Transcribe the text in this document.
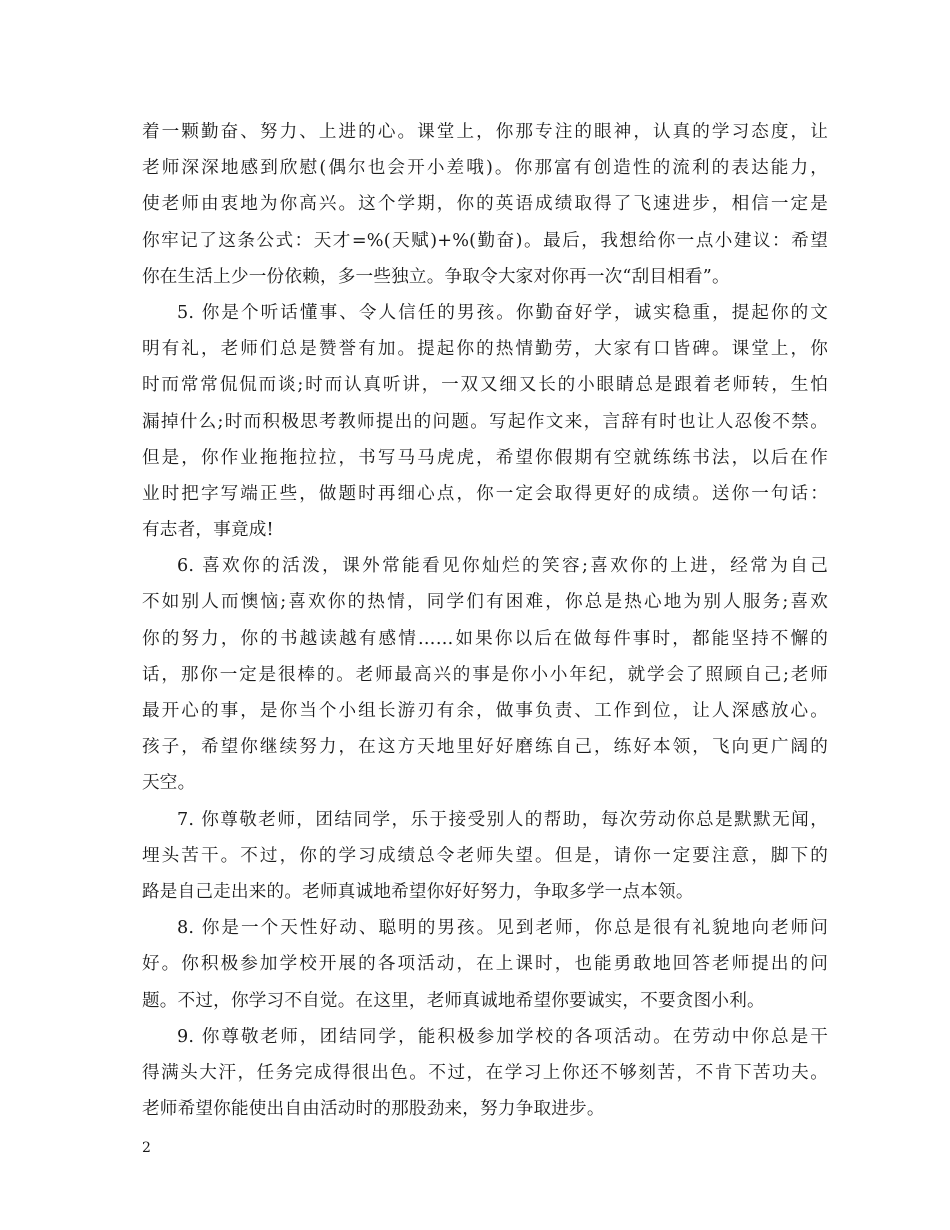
着一颗勤奋、努力、上进的心。课堂上，你那专注的眼神，认真的学习态度，让
老师深深地感到欣慰(偶尔也会开小差哦)。你那富有创造性的流利的表达能力，
使老师由衷地为你高兴。这个学期，你的英语成绩取得了飞速进步，相信一定是
你牢记了这条公式：天才=%(天赋)+%(勤奋)。最后，我想给你一点小建议：希望
你在生活上少一份依赖，多一些独立。争取令大家对你再一次“刮目相看”。
5. 你是个听话懂事、令人信任的男孩。你勤奋好学，诚实稳重，提起你的文
明有礼，老师们总是赞誉有加。提起你的热情勤劳，大家有口皆碑。课堂上，你
时而常常侃侃而谈;时而认真听讲，一双又细又长的小眼睛总是跟着老师转，生怕
漏掉什么;时而积极思考教师提出的问题。写起作文来，言辞有时也让人忍俊不禁。
但是，你作业拖拖拉拉，书写马马虎虎，希望你假期有空就练练书法，以后在作
业时把字写端正些，做题时再细心点，你一定会取得更好的成绩。送你一句话：
有志者，事竟成!
6. 喜欢你的活泼，课外常能看见你灿烂的笑容;喜欢你的上进，经常为自己
不如别人而懊恼;喜欢你的热情，同学们有困难，你总是热心地为别人服务;喜欢
你的努力，你的书越读越有感情……如果你以后在做每件事时，都能坚持不懈的
话，那你一定是很棒的。老师最高兴的事是你小小年纪，就学会了照顾自己;老师
最开心的事，是你当个小组长游刃有余，做事负责、工作到位，让人深感放心。
孩子，希望你继续努力，在这方天地里好好磨练自己，练好本领，飞向更广阔的
天空。
7. 你尊敬老师，团结同学，乐于接受别人的帮助，每次劳动你总是默默无闻，
埋头苦干。不过，你的学习成绩总令老师失望。但是，请你一定要注意，脚下的
路是自己走出来的。老师真诚地希望你好好努力，争取多学一点本领。
8. 你是一个天性好动、聪明的男孩。见到老师，你总是很有礼貌地向老师问
好。你积极参加学校开展的各项活动，在上课时，也能勇敢地回答老师提出的问
题。不过，你学习不自觉。在这里，老师真诚地希望你要诚实，不要贪图小利。
9. 你尊敬老师，团结同学，能积极参加学校的各项活动。在劳动中你总是干
得满头大汗，任务完成得很出色。不过，在学习上你还不够刻苦，不肯下苦功夫。
老师希望你能使出自由活动时的那股劲来，努力争取进步。
2
